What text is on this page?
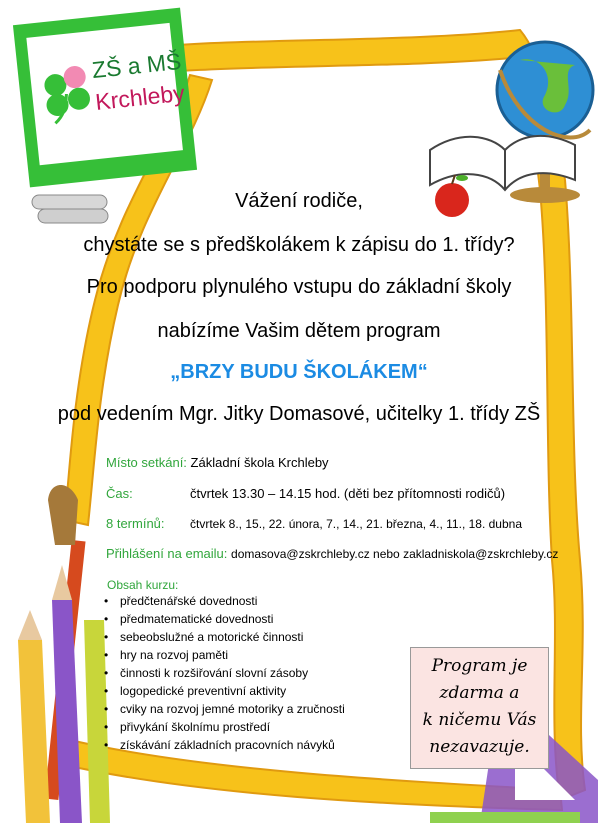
ZŠ a MŠ
Krchleby
Vážení rodiče,
chystáte se s předškolákem k zápisu do 1. třídy?
Pro podporu plynulého vstupu do základní školy
nabízíme Vašim dětem program
„BRZY BUDU ŠKOLÁKEM“
pod vedením Mgr. Jitky Domasové, učitelky 1. třídy ZŠ
Místo setkání: Základní škola Krchleby
Čas:	čtvrtek 13.30 – 14.15 hod. (děti bez přítomnosti rodičů)
8 termínů: čtvrtek 8., 15., 22. února, 7., 14., 21. března, 4., 11., 18. dubna
Přihlášení na emailu: domasova@zskrchleby.cz nebo zakladniskola@zskrchleby.cz
Obsah kurzu:
• předčtenářské dovednosti
• předmatematické dovednosti
• sebeobslužné a motorické činnosti
• hry na rozvoj paměti
• činnosti k rozšiřování slovní zásoby
• logopedické preventivní aktivity
• cviky na rozvoj jemné motoriky a zručnosti
• přivykání školnímu prostředí
• získávání základních pracovních návyků
Program je
zdarma a
k ničemu Vás
nezavazuje.
